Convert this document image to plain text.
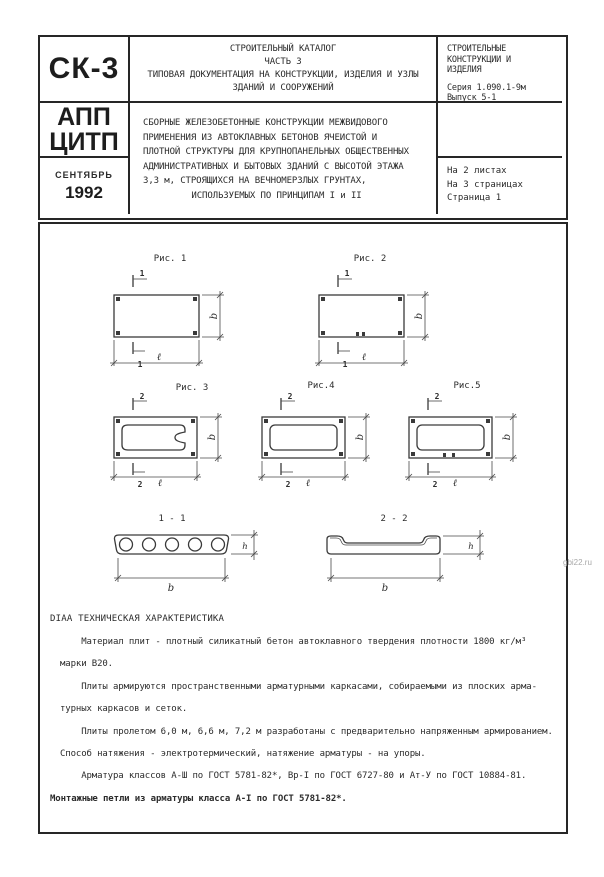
СК-3
СТРОИТЕЛЬНЫЙ КАТАЛОГ
ЧАСТЬ 3
ТИПОВАЯ ДОКУМЕНТАЦИЯ НА КОНСТРУКЦИИ, ИЗДЕЛИЯ И УЗЛЫ
ЗДАНИЙ И СООРУЖЕНИЙ
СТРОИТЕЛЬНЫЕ
КОНСТРУКЦИИ И
ИЗДЕЛИЯ
Серия 1.090.1-9м
Выпуск 5-1
АПП
ЦИТП
СБОРНЫЕ ЖЕЛЕЗОБЕТОННЫЕ КОНСТРУКЦИИ МЕЖВИДОВОГО
ПРИМЕНЕНИЯ ИЗ АВТОКЛАВНЫХ БЕТОНОВ ЯЧЕИСТОЙ И
ПЛОТНОЙ СТРУКТУРЫ ДЛЯ КРУПНОПАНЕЛЬНЫХ ОБЩЕСТВЕННЫХ
АДМИНИСТРАТИВНЫХ И БЫТОВЫХ ЗДАНИЙ С ВЫСОТОЙ ЭТАЖА
3,3 м, СТРОЯЩИХСЯ НА ВЕЧНОМЕРЗЛЫХ ГРУНТАХ,
ИСПОЛЬЗУЕМЫХ ПО ПРИНЦИПАМ I и II
СЕНТЯБРЬ
1992
На 2 листах
На 3 страницах
Страница 1
Рис. 1
1
1
ℓ
b
Рис. 2
1
1
ℓ
b
Рис. 3
2
2 ℓ
b
Рис.4
2
2 ℓ
b
Рис.5
2
2 ℓ
b
1 - 1
h
b
2 - 2
h
b
DIAA ТЕХНИЧЕСКАЯ ХАРАКТЕРИСТИКА
Материал плит - плотный силикатный бетон автоклавного твердения плотности 1800 кг/м³
марки В20.
Плиты армируются пространственными арматурными каркасами, собираемыми из плоских арма-
турных каркасов и сеток.
Плиты пролетом 6,0 м, 6,6 м, 7,2 м разработаны с предварительно напряженным армированием.
Способ натяжения - электротермический, натяжение арматуры - на упоры.
Арматура классов А-Ш по ГОСТ 5781-82*, Вр-I по ГОСТ 6727-80 и Ат-У по ГОСТ 10884-81.
Монтажные петли из арматуры класса А-I по ГОСТ 5781-82*.
gbi22.ru
